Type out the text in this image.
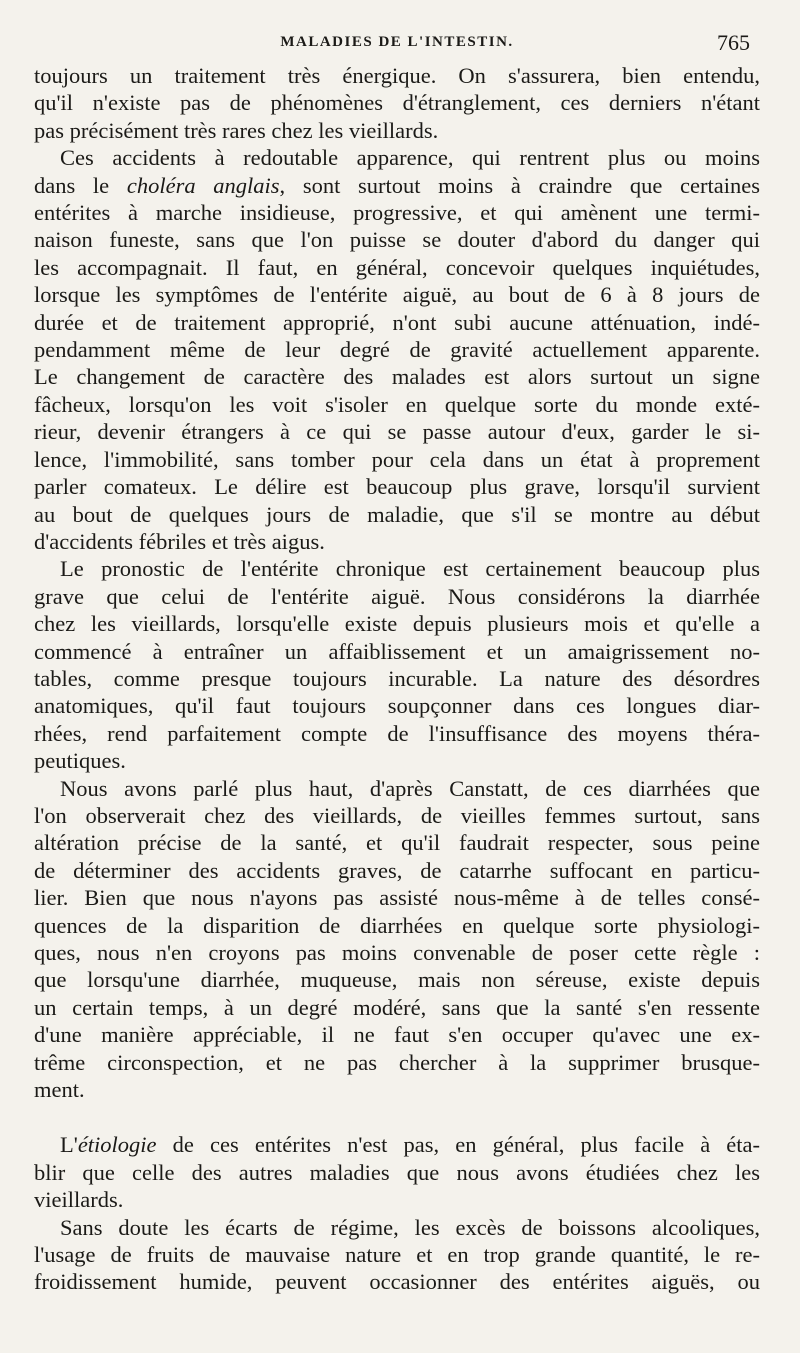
MALADIES DE L'INTESTIN.	765
toujours un traitement très énergique. On s'assurera, bien entendu,
qu'il n'existe pas de phénomènes d'étranglement, ces derniers n'étant
pas précisément très rares chez les vieillards.
Ces accidents à redoutable apparence, qui rentrent plus ou moins
dans le choléra anglais, sont surtout moins à craindre que certaines
entérites à marche insidieuse, progressive, et qui amènent une termi-
naison funeste, sans que l'on puisse se douter d'abord du danger qui
les accompagnait. Il faut, en général, concevoir quelques inquiétudes,
lorsque les symptômes de l'entérite aiguë, au bout de 6 à 8 jours de
durée et de traitement approprié, n'ont subi aucune atténuation, indé-
pendamment même de leur degré de gravité actuellement apparente.
Le changement de caractère des malades est alors surtout un signe
fâcheux, lorsqu'on les voit s'isoler en quelque sorte du monde exté-
rieur, devenir étrangers à ce qui se passe autour d'eux, garder le si-
lence, l'immobilité, sans tomber pour cela dans un état à proprement
parler comateux. Le délire est beaucoup plus grave, lorsqu'il survient
au bout de quelques jours de maladie, que s'il se montre au début
d'accidents fébriles et très aigus.
Le pronostic de l'entérite chronique est certainement beaucoup plus
grave que celui de l'entérite aiguë. Nous considérons la diarrhée
chez les vieillards, lorsqu'elle existe depuis plusieurs mois et qu'elle a
commencé à entraîner un affaiblissement et un amaigrissement no-
tables, comme presque toujours incurable. La nature des désordres
anatomiques, qu'il faut toujours soupçonner dans ces longues diar-
rhées, rend parfaitement compte de l'insuffisance des moyens théra-
peutiques.
Nous avons parlé plus haut, d'après Canstatt, de ces diarrhées que
l'on observerait chez des vieillards, de vieilles femmes surtout, sans
altération précise de la santé, et qu'il faudrait respecter, sous peine
de déterminer des accidents graves, de catarrhe suffocant en particu-
lier. Bien que nous n'ayons pas assisté nous-même à de telles consé-
quences de la disparition de diarrhées en quelque sorte physiologi-
ques, nous n'en croyons pas moins convenable de poser cette règle :
que lorsqu'une diarrhée, muqueuse, mais non séreuse, existe depuis
un certain temps, à un degré modéré, sans que la santé s'en ressente
d'une manière appréciable, il ne faut s'en occuper qu'avec une ex-
trême circonspection, et ne pas chercher à la supprimer brusque-
ment.
L'étiologie de ces entérites n'est pas, en général, plus facile à éta-
blir que celle des autres maladies que nous avons étudiées chez les
vieillards.
Sans doute les écarts de régime, les excès de boissons alcooliques,
l'usage de fruits de mauvaise nature et en trop grande quantité, le re-
froidissement humide, peuvent occasionner des entérites aiguës, ou
